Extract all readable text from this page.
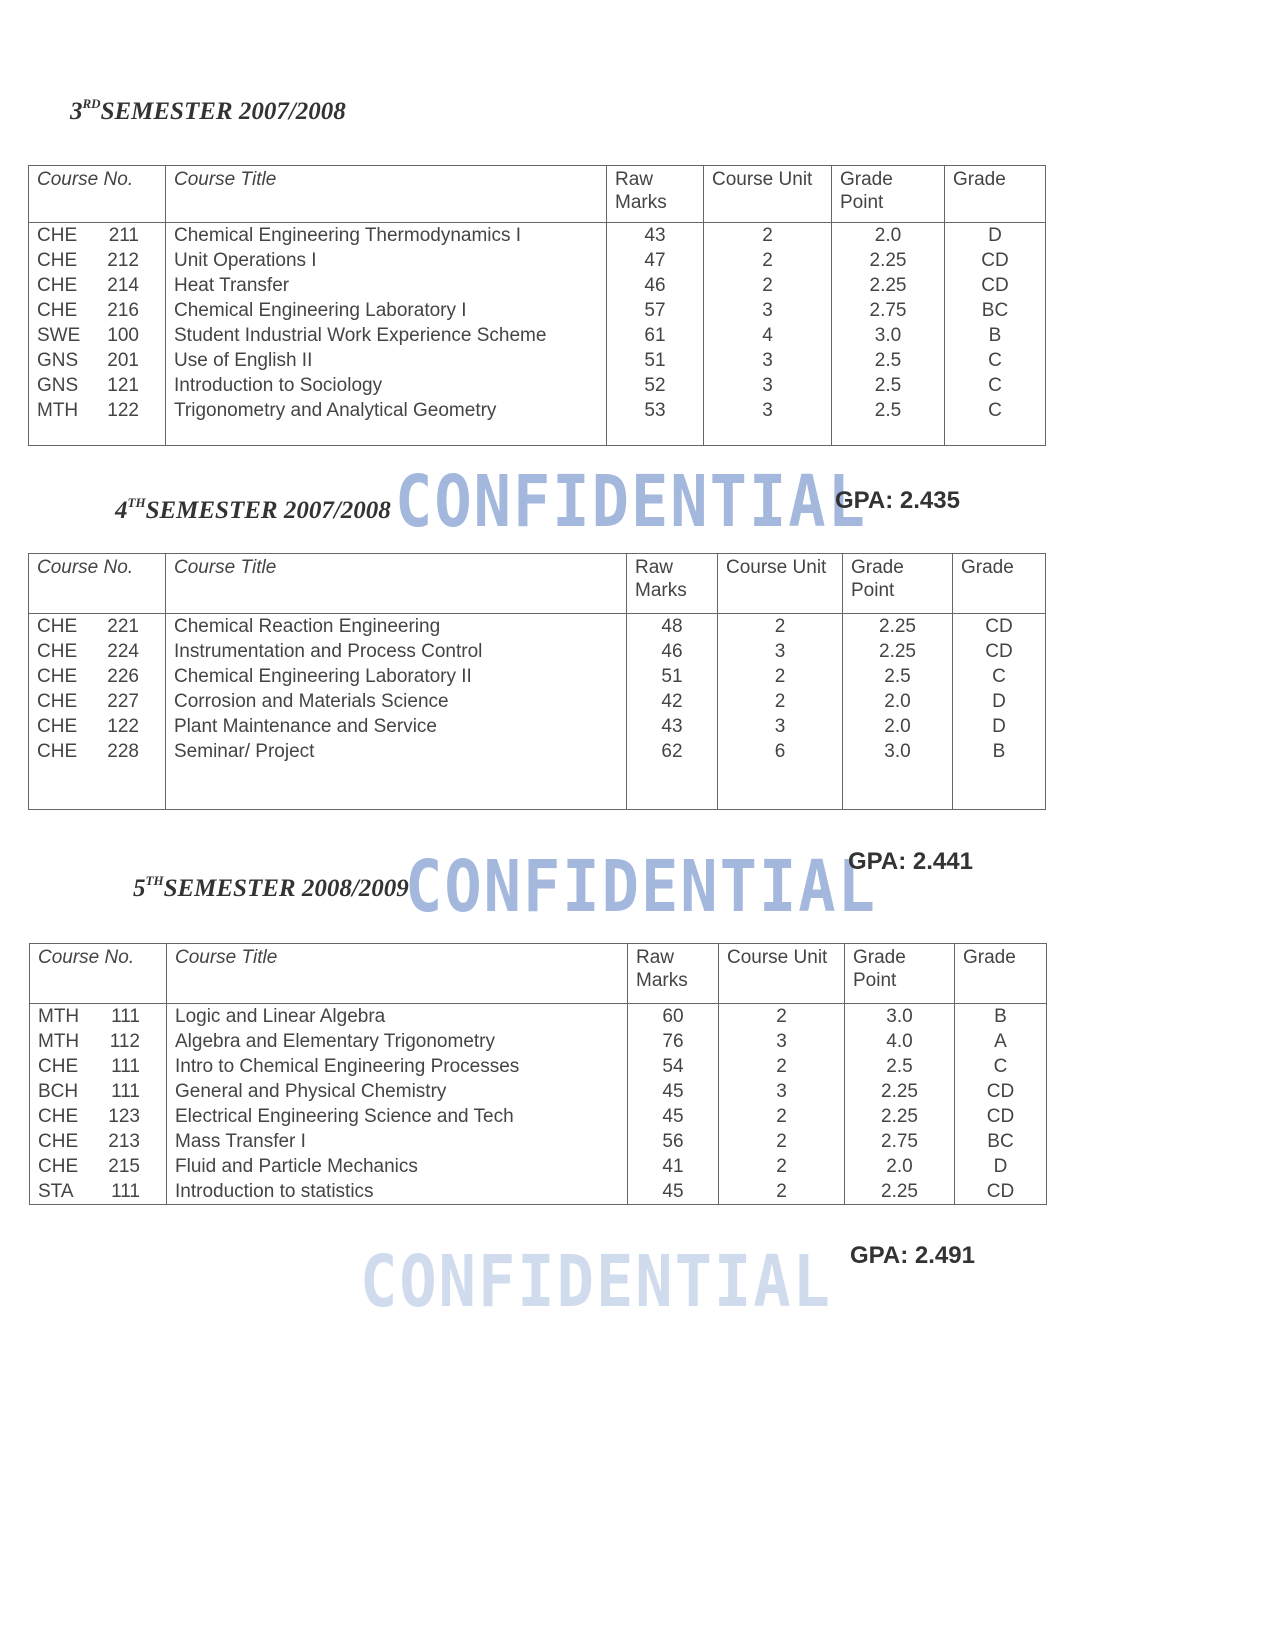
3RDSEMESTER 2007/2008
Course No.	Course Title	Raw Marks	Course Unit	Grade Point	Grade
CHE 211	Chemical Engineering Thermodynamics I	43	2	2.0	D
CHE 212	Unit Operations I	47	2	2.25	CD
CHE 214	Heat Transfer	46	2	2.25	CD
CHE 216	Chemical Engineering Laboratory I	57	3	2.75	BC
SWE 100	Student Industrial Work Experience Scheme	61	4	3.0	B
GNS 201	Use of English II	51	3	2.5	C
GNS 121	Introduction to Sociology	52	3	2.5	C
MTH 122	Trigonometry and Analytical Geometry	53	3	2.5	C

CONFIDENTIAL
GPA: 2.435
4THSEMESTER 2007/2008
Course No.	Course Title	Raw Marks	Course Unit	Grade Point	Grade
CHE 221	Chemical Reaction Engineering	48	2	2.25	CD
CHE 224	Instrumentation and Process Control	46	3	2.25	CD
CHE 226	Chemical Engineering Laboratory II	51	2	2.5	C
CHE 227	Corrosion and Materials Science	42	2	2.0	D
CHE 122	Plant Maintenance and Service	43	3	2.0	D
CHE 228	Seminar/ Project	62	6	3.0	B

CONFIDENTIAL
GPA: 2.441
5THSEMESTER 2008/2009
Course No.	Course Title	Raw Marks	Course Unit	Grade Point	Grade
MTH 111	Logic and Linear Algebra	60	2	3.0	B
MTH 112	Algebra and Elementary Trigonometry	76	3	4.0	A
CHE 111	Intro to Chemical Engineering Processes	54	2	2.5	C
BCH 111	General and Physical Chemistry	45	3	2.25	CD
CHE 123	Electrical Engineering Science and Tech	45	2	2.25	CD
CHE 213	Mass Transfer I	56	2	2.75	BC
CHE 215	Fluid and Particle Mechanics	41	2	2.0	D
STA 111	Introduction to statistics	45	2	2.25	CD
CONFIDENTIAL GPA: 2.491
